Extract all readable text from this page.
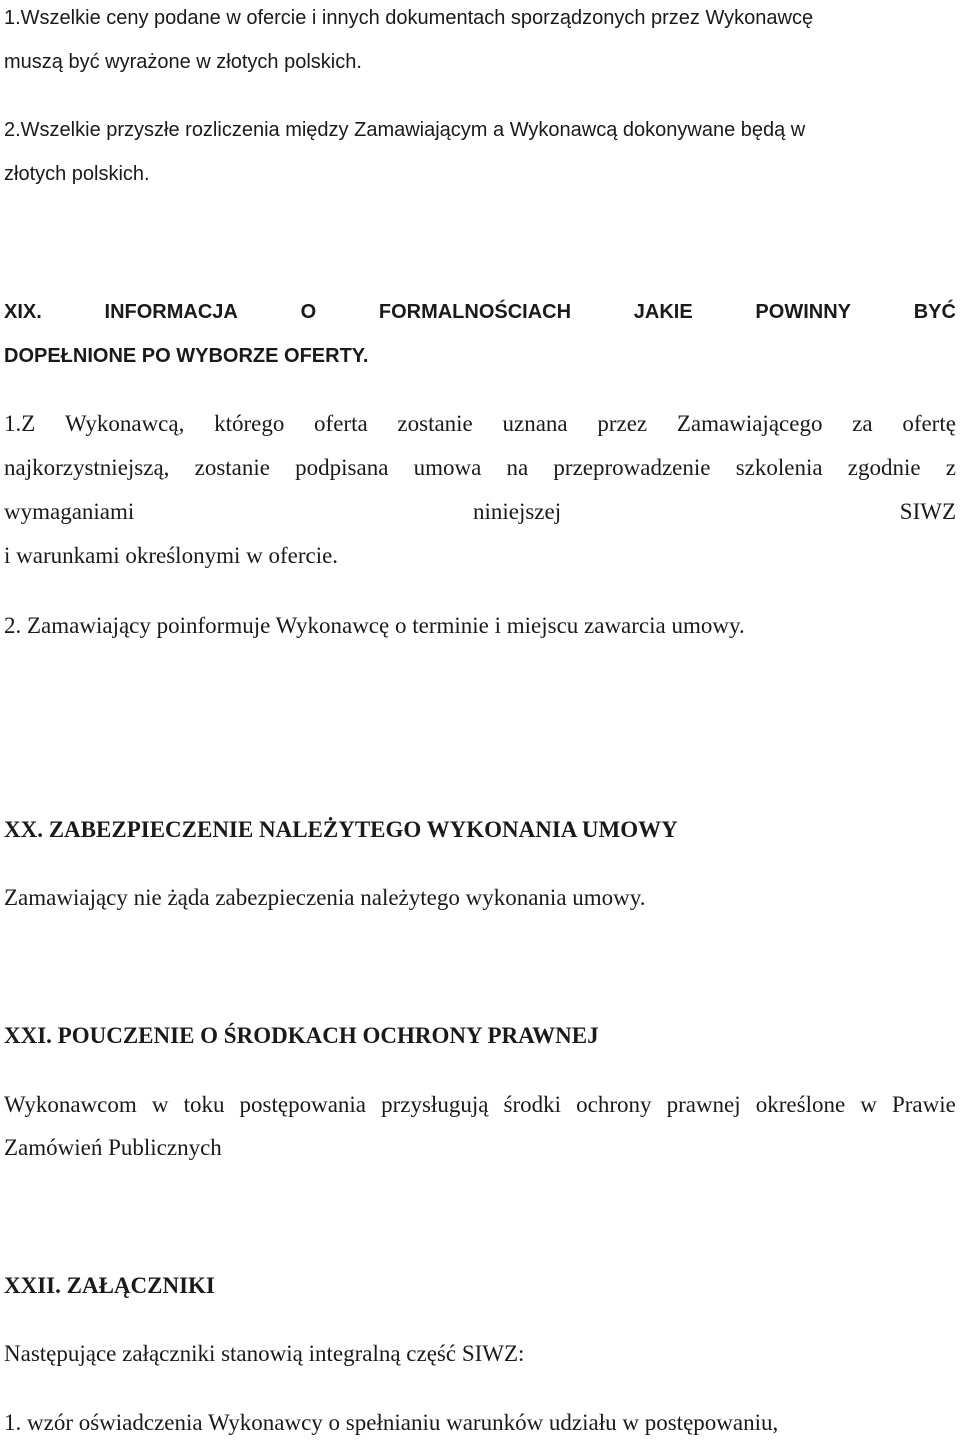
1.Wszelkie ceny podane w ofercie i innych dokumentach sporządzonych przez Wykonawcę
muszą być wyrażone w złotych polskich.
2.Wszelkie przyszłe rozliczenia między Zamawiającym a Wykonawcą dokonywane będą w
złotych polskich.
XIX.	INFORMACJA	O	FORMALNOŚCIACH	JAKIE	POWINNY	BYĆ
DOPEŁNIONE PO WYBORZE OFERTY.
1.Z Wykonawcą, którego oferta zostanie uznana przez Zamawiającego za ofertę
najkorzystniejszą, zostanie podpisana umowa na przeprowadzenie szkolenia zgodnie z
wymaganiami	niniejszej	SIWZ
i warunkami określonymi w ofercie.
2. Zamawiający poinformuje Wykonawcę o terminie i miejscu zawarcia umowy.
XX. ZABEZPIECZENIE NALEŻYTEGO WYKONANIA UMOWY
Zamawiający nie żąda zabezpieczenia należytego wykonania umowy.
XXI. POUCZENIE O ŚRODKACH OCHRONY PRAWNEJ
Wykonawcom w toku postępowania przysługują środki ochrony prawnej określone w Prawie
Zamówień Publicznych
XXII. ZAŁĄCZNIKI
Następujące załączniki stanowią integralną część SIWZ:
1. wzór oświadczenia Wykonawcy o spełnianiu warunków udziału w postępowaniu,
